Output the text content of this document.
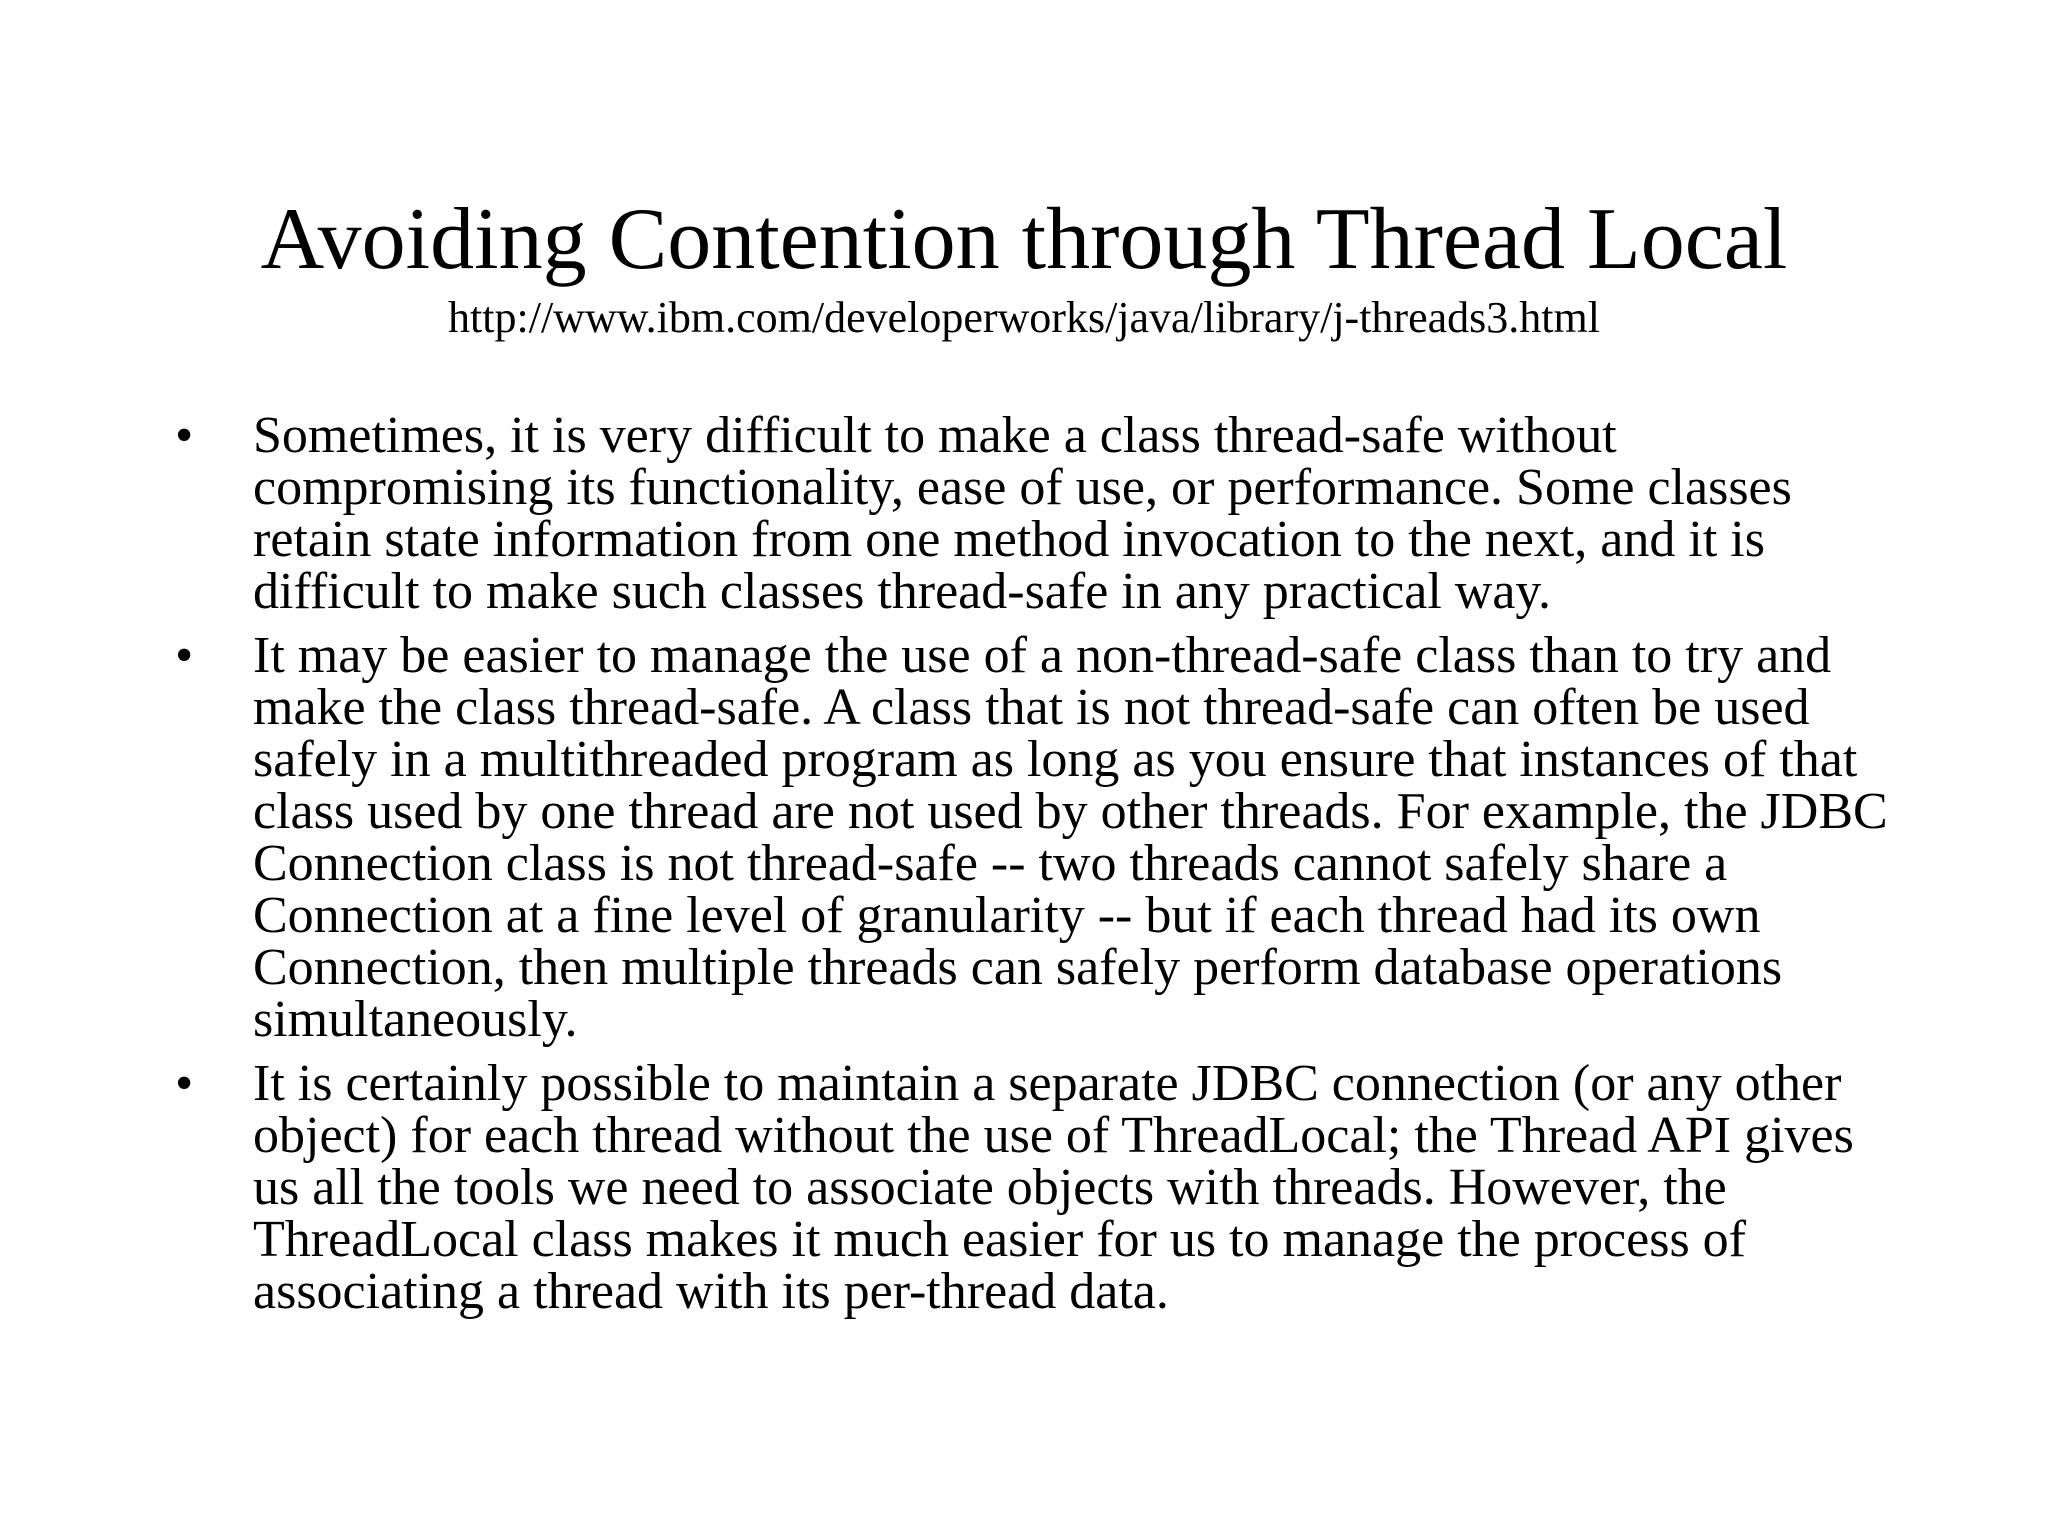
Avoiding Contention through Thread Local
http://www.ibm.com/developerworks/java/library/j-threads3.html
• Sometimes, it is very difficult to make a class thread-safe without compromising its functionality, ease of use, or performance. Some classes retain state information from one method invocation to the next, and it is difficult to make such classes thread-safe in any practical way.
• It may be easier to manage the use of a non-thread-safe class than to try and make the class thread-safe. A class that is not thread-safe can often be used safely in a multithreaded program as long as you ensure that instances of that class used by one thread are not used by other threads. For example, the JDBC Connection class is not thread-safe -- two threads cannot safely share a Connection at a fine level of granularity -- but if each thread had its own Connection, then multiple threads can safely perform database operations simultaneously.
• It is certainly possible to maintain a separate JDBC connection (or any other object) for each thread without the use of ThreadLocal; the Thread API gives us all the tools we need to associate objects with threads. However, the ThreadLocal class makes it much easier for us to manage the process of associating a thread with its per-thread data.
